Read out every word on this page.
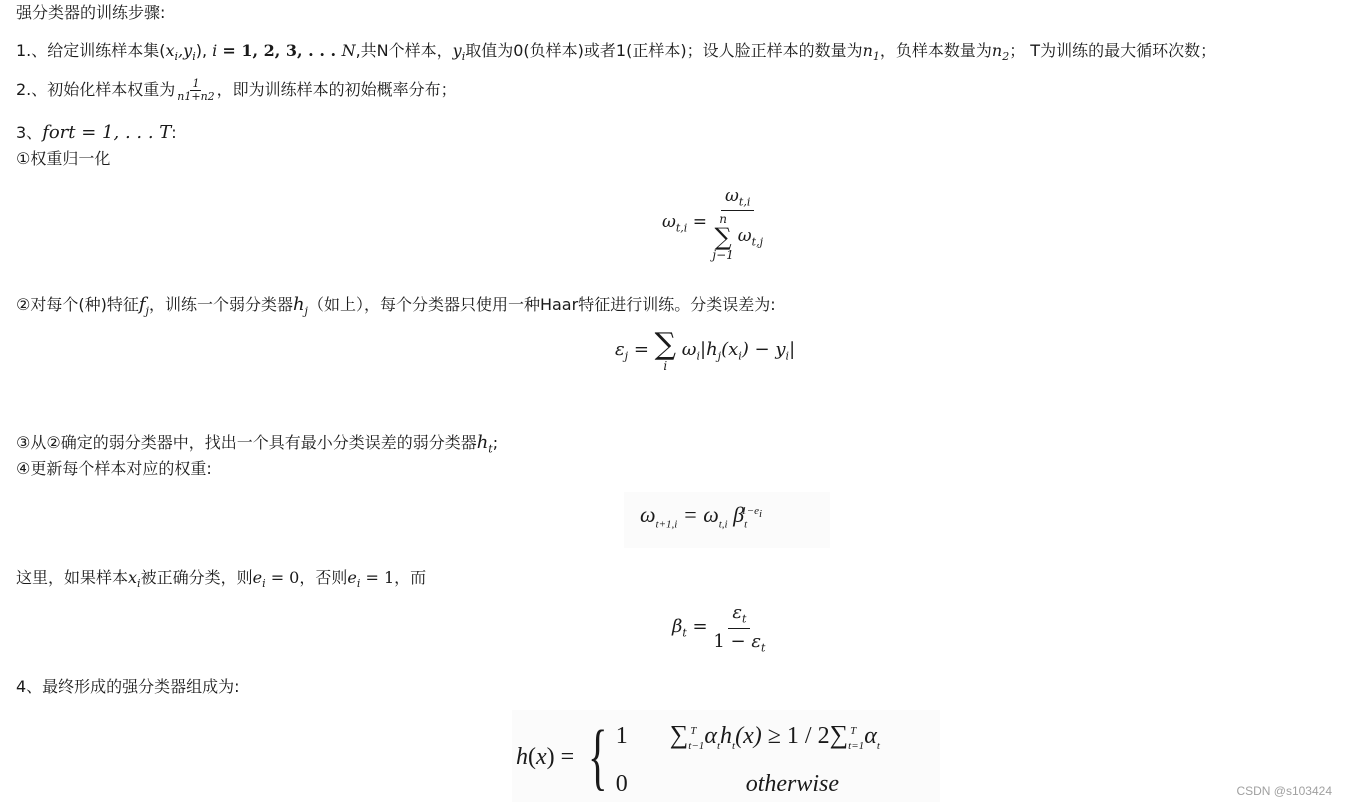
强分类器的训练步骤:
1.、给定训练样本集$(x_i,y_i)$, i = 1, 2, 3, . . . N,共N个样本，$y_i$取值为0(负样本)或者1(正样本)；设人脸正样本的数量为$n_1$，负样本数量为$n_2$； T为训练的最大循环次数；
2.、初始化样本权重为 $\frac{1}{n1+n2}$ ，即为训练样本的初始概率分布；
3、fort = 1, . . . T:
①权重归一化
$\omega_{t,i} = \omega_{t,i}$
n
∑
j−1
$\omega_{t,j}$
②对每个(种)特征$f_j$，训练一个弱分类器$h_j$（如上），每个分类器只使用一种Haar特征进行训练。分类误差为:
$\varepsilon_j$ = ∑
i
$\omega_i|h_j(x_i) - y_i|$
③从②确定的弱分类器中，找出一个具有最小分类误差的弱分类器$h_t$;
④更新每个样本对应的权重:
$\omega_{t+1,i} = \omega_{t,i}$ $\beta_t^{1-e_i}$
这里，如果样本$x_i$被正确分类，则$e_i = 0$，否则$e_i = 1$，而
$\beta_t = \frac{\varepsilon_t}{1 - \varepsilon_t}$
4、最终形成的强分类器组成为:
h(x) = { 1 $\sum_{t-1}^T$ $\alpha_th_t(x) \ge 1 / 2\sum_{t=1}^T$ $\alpha_t$
0	otherwise	CSDN @s103424
